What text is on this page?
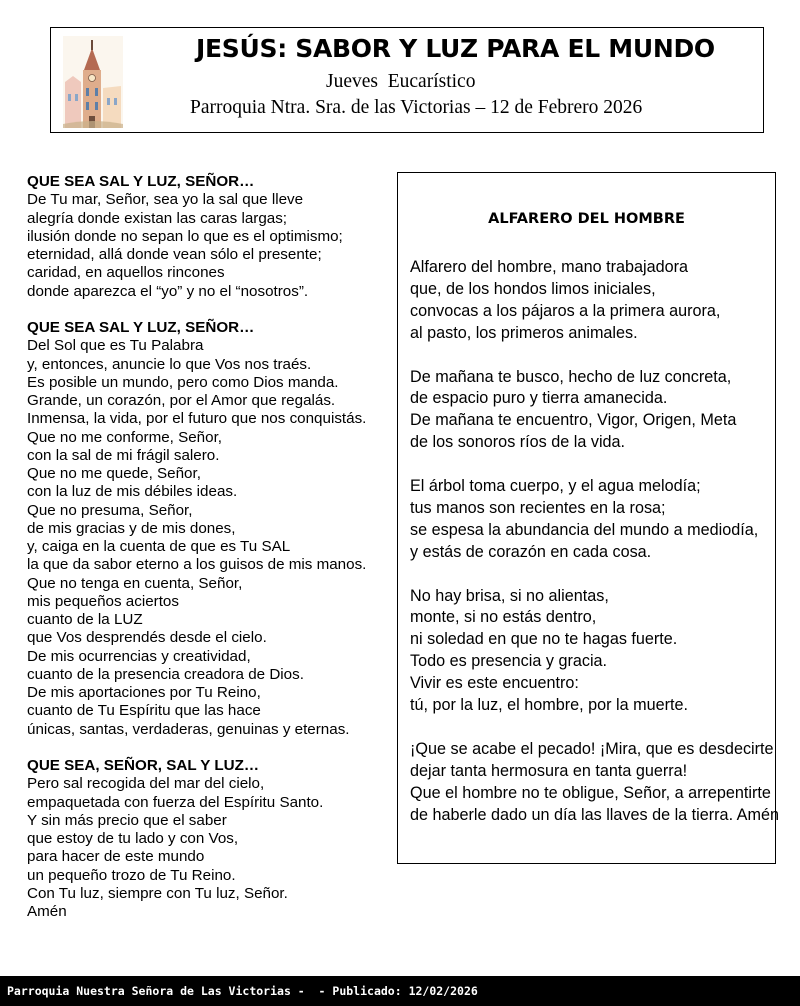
JESÚS: SABOR Y LUZ PARA EL MUNDO
Jueves  Eucarístico
Parroquia Ntra. Sra. de las Victorias – 12 de Febrero 2026
QUE SEA SAL Y LUZ, SEÑOR…
De Tu mar, Señor, sea yo la sal que lleve
alegría donde existan las caras largas;
ilusión donde no sepan lo que es el optimismo;
eternidad, allá donde vean sólo el presente;
caridad, en aquellos rincones
donde aparezca el “yo” y no el “nosotros”.
QUE SEA SAL Y LUZ, SEÑOR…
Del Sol que es Tu Palabra
y, entonces, anuncie lo que Vos nos traés.
Es posible un mundo, pero como Dios manda.
Grande, un corazón, por el Amor que regalás.
Inmensa, la vida, por el futuro que nos conquistás.
Que no me conforme, Señor,
con la sal de mi frágil salero.
Que no me quede, Señor,
con la luz de mis débiles ideas.
Que no presuma, Señor,
de mis gracias y de mis dones,
y, caiga en la cuenta de que es Tu SAL
la que da sabor eterno a los guisos de mis manos.
Que no tenga en cuenta, Señor,
mis pequeños aciertos
cuanto de la LUZ
que Vos desprendés desde el cielo.
De mis ocurrencias y creatividad,
cuanto de la presencia creadora de Dios.
De mis aportaciones por Tu Reino,
cuanto de Tu Espíritu que las hace
únicas, santas, verdaderas, genuinas y eternas.
QUE SEA, SEÑOR, SAL Y LUZ…
Pero sal recogida del mar del cielo,
empaquetada con fuerza del Espíritu Santo.
Y sin más precio que el saber
que estoy de tu lado y con Vos,
para hacer de este mundo
un pequeño trozo de Tu Reino.
Con Tu luz, siempre con Tu luz, Señor.
Amén
ALFARERO DEL HOMBRE
Alfarero del hombre, mano trabajadora
que, de los hondos limos iniciales,
convocas a los pájaros a la primera aurora,
al pasto, los primeros animales.
De mañana te busco, hecho de luz concreta,
de espacio puro y tierra amanecida.
De mañana te encuentro, Vigor, Origen, Meta
de los sonoros ríos de la vida.
El árbol toma cuerpo, y el agua melodía;
tus manos son recientes en la rosa;
se espesa la abundancia del mundo a mediodía,
y estás de corazón en cada cosa.
No hay brisa, si no alientas,
monte, si no estás dentro,
ni soledad en que no te hagas fuerte.
Todo es presencia y gracia.
Vivir es este encuentro:
tú, por la luz, el hombre, por la muerte.
¡Que se acabe el pecado! ¡Mira, que es desdecirte
dejar tanta hermosura en tanta guerra!
Que el hombre no te obligue, Señor, a arrepentirte
de haberle dado un día las llaves de la tierra. Amén
Parroquia Nuestra Señora de Las Victorias -  - Publicado: 12/02/2026
